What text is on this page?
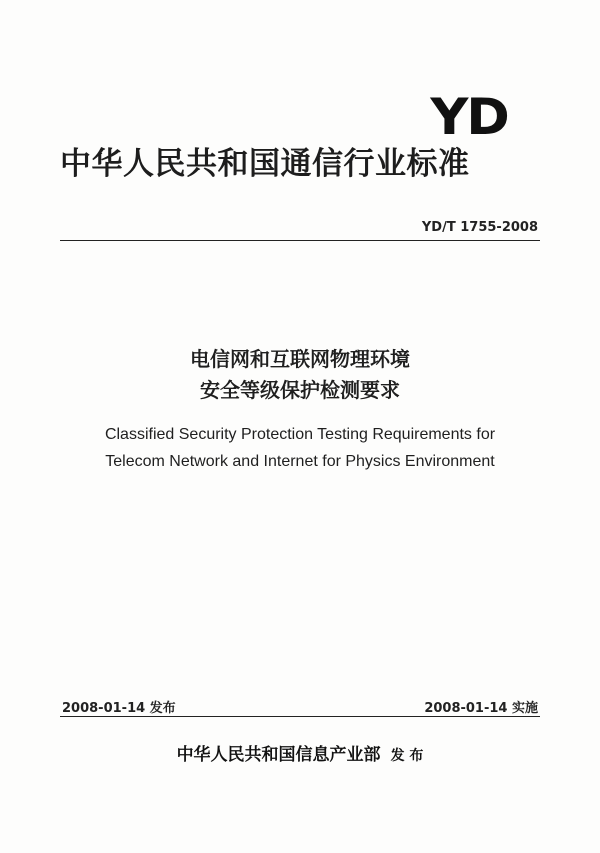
YD
中华人民共和国通信行业标准
YD/T 1755-2008
电信网和互联网物理环境
安全等级保护检测要求
Classified Security Protection Testing Requirements for
Telecom Network and Internet for Physics Environment
2008-01-14 发布	2008-01-14 实施
中华人民共和国信息产业部 发 布
